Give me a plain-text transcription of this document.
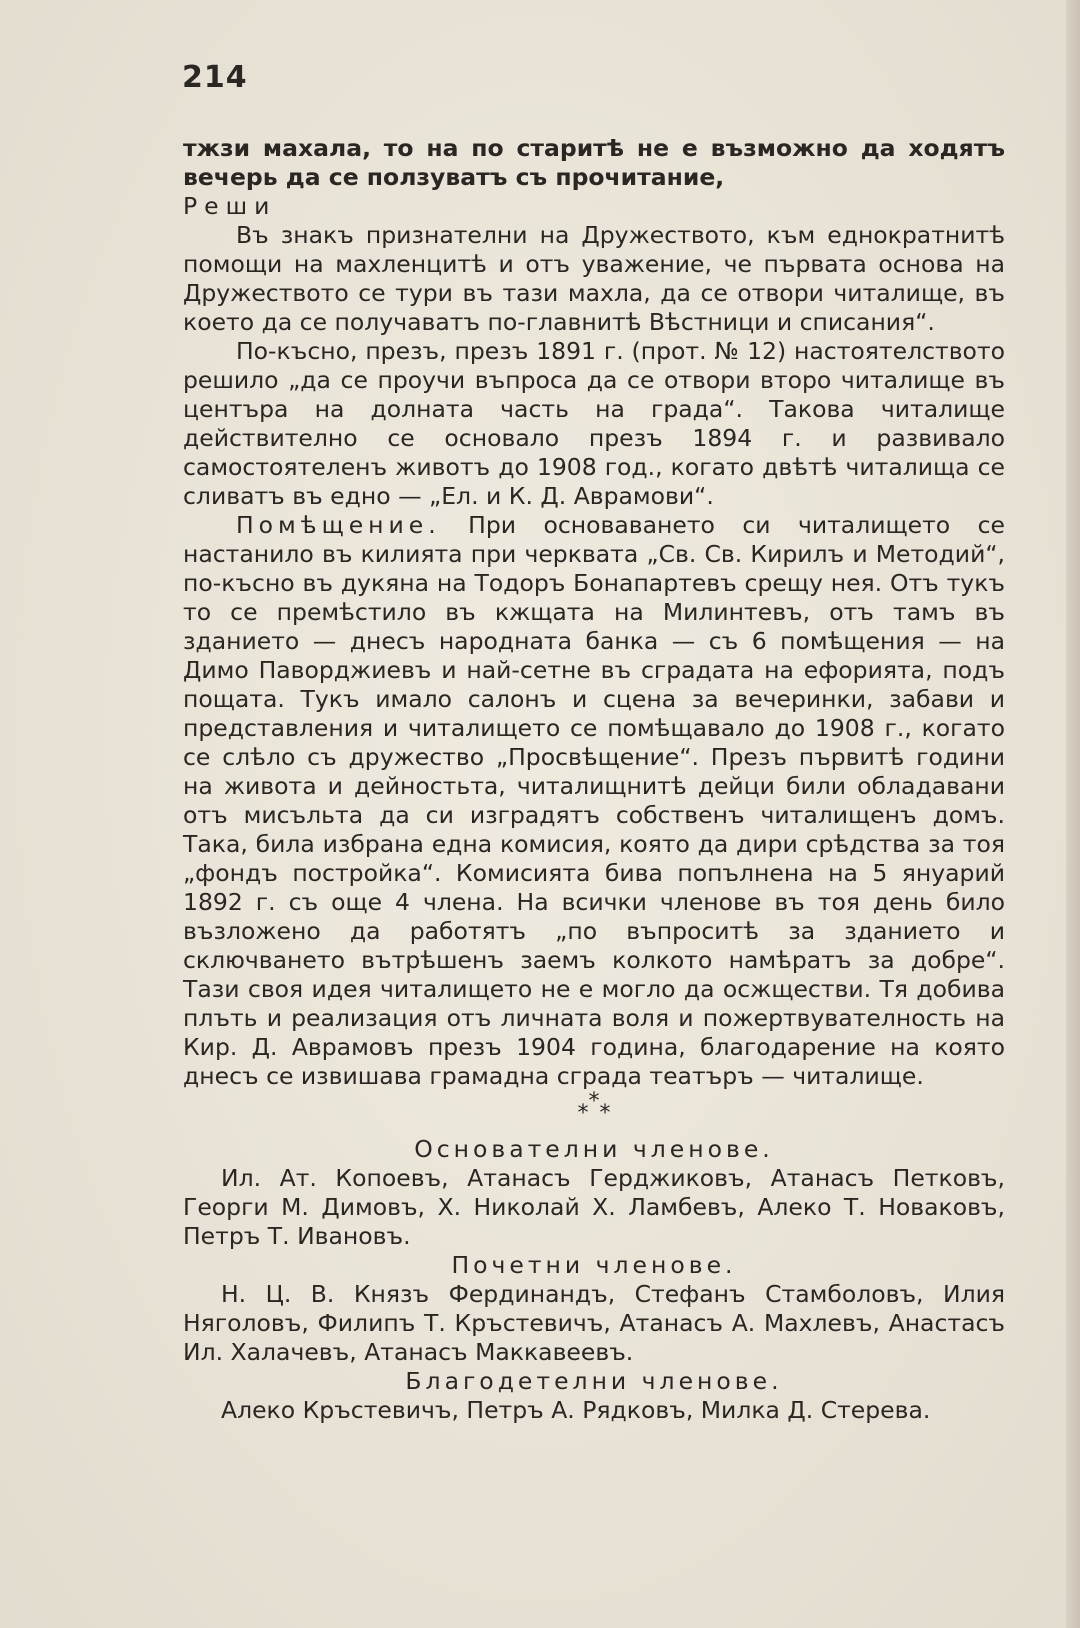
214

тжзи махала, то на по старитѣ не е възможно да ходятъ вечерь да се ползуватъ съ прочитание,

Реши

Въ знакъ признателни на Дружеството, към еднократнитѣ помощи на махленцитѣ и отъ уважение, че първата основа на Дружеството се тури въ тази махла, да се отвори читалище, въ което да се получаватъ по-главнитѣ Вѣстници и списания“.

По-късно, презъ, презъ 1891 г. (прот. № 12) настоятелството решило „да се проучи въпроса да се отвори второ читалище въ центъра на долната часть на града“. Такова читалище действително се основало презъ 1894 г. и развивало самостоятеленъ животъ до 1908 год., когато двѣтѣ читалища се сливатъ въ едно — „Ел. и К. Д. Аврамови“.

Помѣщение. При основаването си читалището се настанило въ килията при черквата „Св. Св. Кирилъ и Методий“, по-късно въ дукяна на Тодоръ Бонапартевъ срещу нея. Отъ тукъ то се премѣстило въ кжщата на Милинтевъ, отъ тамъ въ зданието — днесъ народната банка — съ 6 помѣщения — на Димо Паворджиевъ и най-сетне въ сградата на ефорията, подъ пощата. Тукъ имало салонъ и сцена за вечеринки, забави и представления и читалището се помѣщавало до 1908 г., когато се слѣло съ дружество „Просвѣщение“. Презъ първитѣ години на живота и дейностьта, читалищнитѣ дейци били обладавани отъ мисъльта да си изградятъ собственъ читалищенъ домъ. Така, била избрана една комисия, която да дири срѣдства за тоя „фондъ постройка“. Комисията бива попълнена на 5 януарий 1892 г. съ още 4 члена. На всички членове въ тоя день било възложено да работятъ „по въпроситѣ за зданието и сключването вътрѣшенъ заемъ колкото намѣратъ за добре“. Тази своя идея читалището не е могло да осжществи. Тя добива плъть и реализация отъ личната воля и пожертвувателность на Кир. Д. Аврамовъ презъ 1904 година, благодарение на която днесъ се извишава грамадна сграда театъръ — читалище.

***

Основателни членове.

Ил. Ат. Копоевъ, Атанасъ Герджиковъ, Атанасъ Петковъ, Георги М. Димовъ, Х. Николай Х. Ламбевъ, Алеко Т. Новаковъ, Петръ Т. Ивановъ.

Почетни членове.

Н. Ц. В. Князъ Фердинандъ, Стефанъ Стамболовъ, Илия Няголовъ, Филипъ Т. Кръстевичъ, Атанасъ А. Махлевъ, Анастасъ Ил. Халачевъ, Атанасъ Маккавеевъ.

Благодетелни членове.

Алеко Кръстевичъ, Петръ А. Рядковъ, Милка Д. Стерева.
